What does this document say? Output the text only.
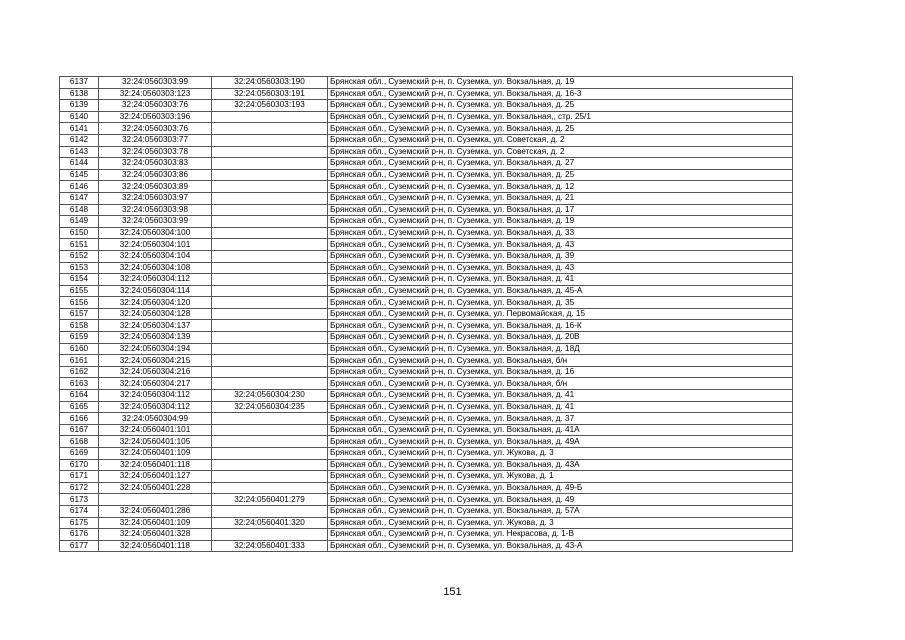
6137	32:24:0560303:99	32:24:0560303:190	Брянская обл., Суземский р-н, п. Суземка, ул. Вокзальная, д. 19
6138	32:24:0560303:123	32:24:0560303:191	Брянская обл., Суземский р-н, п. Суземка, ул. Вокзальная, д. 16-3
6139	32:24:0560303:76	32:24:0560303:193	Брянская обл., Суземский р-н, п. Суземка, ул. Вокзальная, д. 25
6140	32:24:0560303:196		Брянская обл., Суземский р-н, п. Суземка, ул. Вокзальная,, стр. 25/1
6141	32:24:0560303:76		Брянская обл., Суземский р-н, п. Суземка, ул. Вокзальная, д. 25
6142	32:24:0560303:77		Брянская обл., Суземский р-н, п. Суземка, ул. Советская, д. 2
6143	32:24:0560303:78		Брянская обл., Суземский р-н, п. Суземка, ул. Советская, д. 2
6144	32:24:0560303:83		Брянская обл., Суземский р-н, п. Суземка, ул. Вокзальная, д. 27
6145	32:24:0560303:86		Брянская обл., Суземский р-н, п. Суземка, ул. Вокзальная, д. 25
6146	32:24:0560303:89		Брянская обл., Суземский р-н, п. Суземка, ул. Вокзальная, д. 12
6147	32:24:0560303:97		Брянская обл., Суземский р-н, п. Суземка, ул. Вокзальная, д. 21
6148	32:24:0560303:98		Брянская обл., Суземский р-н, п. Суземка, ул. Вокзальная, д. 17
6149	32:24:0560303:99		Брянская обл., Суземский р-н, п. Суземка, ул. Вокзальная, д. 19
6150	32:24:0560304:100		Брянская обл., Суземский р-н, п. Суземка, ул. Вокзальная, д. 33
6151	32:24:0560304:101		Брянская обл., Суземский р-н, п. Суземка, ул. Вокзальная, д. 43
6152	32:24:0560304:104		Брянская обл., Суземский р-н, п. Суземка, ул. Вокзальная, д. 39
6153	32:24:0560304:108		Брянская обл., Суземский р-н, п. Суземка, ул. Вокзальная, д. 43
6154	32:24:0560304:112		Брянская обл., Суземский р-н, п. Суземка, ул. Вокзальная, д. 41
6155	32:24:0560304:114		Брянская обл., Суземский р-н, п. Суземка, ул. Вокзальная, д. 45-А
6156	32:24:0560304:120		Брянская обл., Суземский р-н, п. Суземка, ул. Вокзальная, д. 35
6157	32:24:0560304:128		Брянская обл., Суземский р-н, п. Суземка, ул. Первомайская, д. 15
6158	32:24:0560304:137		Брянская обл., Суземский р-н, п. Суземка, ул. Вокзальная, д. 16-К
6159	32:24:0560304:139		Брянская обл., Суземский р-н, п. Суземка, ул. Вокзальная, д. 20В
6160	32:24:0560304:194		Брянская обл., Суземский р-н, п. Суземка, ул. Вокзальная, д. 18Д
6161	32:24:0560304:215		Брянская обл., Суземский р-н, п. Суземка, ул. Вокзальная, б/н
6162	32:24:0560304:216		Брянская обл., Суземский р-н, п. Суземка, ул. Вокзальная, д. 16
6163	32:24:0560304:217		Брянская обл., Суземский р-н, п. Суземка, ул. Вокзальная, б/н
6164	32:24:0560304:112	32:24:0560304:230	Брянская обл., Суземский р-н, п. Суземка, ул. Вокзальная, д. 41
6165	32:24:0560304:112	32:24:0560304:235	Брянская обл., Суземский р-н, п. Суземка, ул. Вокзальная, д. 41
6166	32:24:0560304:99		Брянская обл., Суземский р-н, п. Суземка, ул. Вокзальная, д. 37
6167	32:24:0560401:101		Брянская обл., Суземский р-н, п. Суземка, ул. Вокзальная, д. 41А
6168	32:24:0560401:105		Брянская обл., Суземский р-н, п. Суземка, ул. Вокзальная, д. 49А
6169	32:24:0560401:109		Брянская обл., Суземский р-н, п. Суземка, ул. Жукова, д. 3
6170	32:24:0560401:118		Брянская обл., Суземский р-н, п. Суземка, ул. Вокзальная, д. 43А
6171	32:24:0560401:127		Брянская обл., Суземский р-н, п. Суземка, ул. Жукова, д. 1
6172	32:24:0560401:228		Брянская обл., Суземский р-н, п. Суземка, ул. Вокзальная, д. 49-Б
6173		32:24:0560401:279	Брянская обл., Суземский р-н, п. Суземка, ул. Вокзальная, д. 49
6174	32:24:0560401:286		Брянская обл., Суземский р-н, п. Суземка, ул. Вокзальная, д. 57А
6175	32:24:0560401:109	32:24:0560401:320	Брянская обл., Суземский р-н, п. Суземка, ул. Жукова, д. 3
6176	32:24:0560401:328		Брянская обл., Суземский р-н, п. Суземка, ул. Некрасова, д. 1-В
6177	32:24:0560401:118	32:24:0560401:333	Брянская обл., Суземский р-н, п. Суземка, ул. Вокзальная, д. 43-А
151
